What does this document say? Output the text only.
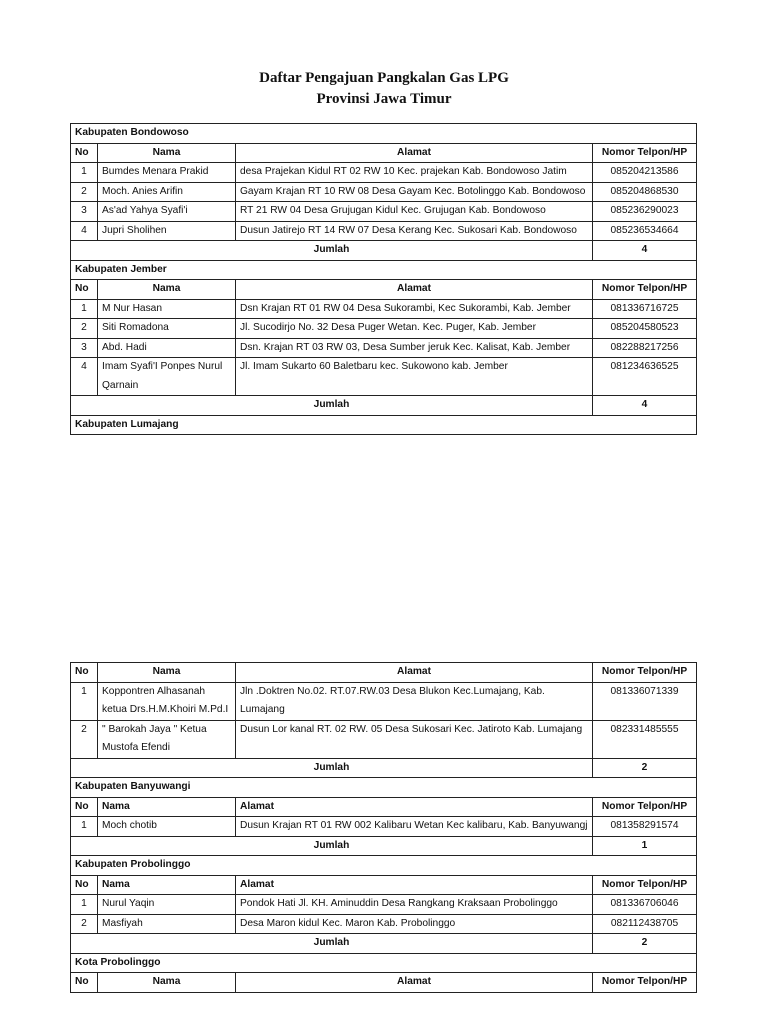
Daftar Pengajuan Pangkalan Gas LPG
Provinsi Jawa Timur
Kabupaten Bondowoso			
No	Nama	Alamat	Nomor Telpon/HP
1	Bumdes Menara Prakid	desa Prajekan Kidul RT 02 RW 10 Kec. prajekan Kab. Bondowoso Jatim	085204213586
2	Moch. Anies Arifin	Gayam Krajan RT 10 RW 08 Desa Gayam Kec. Botolinggo Kab. Bondowoso	085204868530
3	As'ad Yahya Syafi'i	RT 21 RW 04 Desa Grujugan Kidul Kec. Grujugan Kab. Bondowoso	085236290023
4	Jupri Sholihen	Dusun Jatirejo RT 14 RW 07 Desa Kerang Kec. Sukosari Kab. Bondowoso	085236534664
Jumlah			4
Kabupaten Jember			
No	Nama	Alamat	Nomor Telpon/HP
1	M Nur Hasan	Dsn Krajan RT 01 RW 04 Desa Sukorambi, Kec Sukorambi, Kab. Jember	081336716725
2	Siti Romadona	Jl. Sucodirjo No. 32 Desa Puger Wetan. Kec. Puger, Kab. Jember	085204580523
3	Abd. Hadi	Dsn. Krajan RT 03 RW 03, Desa Sumber jeruk Kec. Kalisat, Kab. Jember	082288217256
4	Imam Syafi'I Ponpes Nurul Qarnain	Jl. Imam Sukarto 60 Baletbaru kec. Sukowono kab. Jember	081234636525
Jumlah			4
Kabupaten Lumajang			
No	Nama	Alamat	Nomor Telpon/HP
1	Koppontren Alhasanah ketua Drs.H.M.Khoiri M.Pd.I	Jln .Doktren No.02. RT.07.RW.03 Desa Blukon Kec.Lumajang, Kab. Lumajang	081336071339
2	" Barokah Jaya " Ketua Mustofa Efendi	Dusun Lor kanal RT. 02 RW. 05 Desa Sukosari Kec. Jatiroto Kab. Lumajang	082331485555
Jumlah			2
Kabupaten Banyuwangi			
No	Nama	Alamat	Nomor Telpon/HP
1	Moch chotib	Dusun Krajan RT 01 RW 002 Kalibaru Wetan Kec kalibaru, Kab. Banyuwangj	081358291574
Jumlah			1
Kabupaten Probolinggo			
No	Nama	Alamat	Nomor Telpon/HP
1	Nurul Yaqin	Pondok Hati Jl. KH. Aminuddin Desa Rangkang Kraksaan Probolinggo	081336706046
2	Masfiyah	Desa Maron kidul Kec. Maron Kab. Probolinggo	082112438705
Jumlah			2
Kota Probolinggo			
No	Nama	Alamat	Nomor Telpon/HP
